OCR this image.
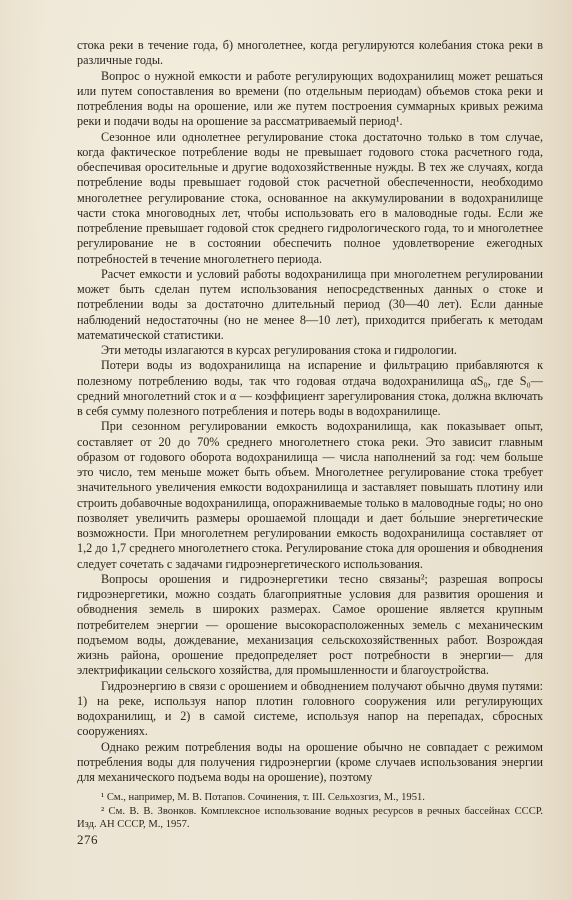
стока реки в течение года, б) многолетнее, когда регулируются колебания стока реки в различные годы.

Вопрос о нужной емкости и работе регулирующих водохранилищ может решаться или путем сопоставления во времени (по отдельным периодам) объемов стока реки и потребления воды на орошение, или же путем построения суммарных кривых режима реки и подачи воды на орошение за рассматриваемый период¹.

Сезонное или однолетнее регулирование стока достаточно только в том случае, когда фактическое потребление воды не превышает годового стока расчетного года, обеспечивая оросительные и другие водохозяйственные нужды. В тех же случаях, когда потребление воды превышает годовой сток расчетной обеспеченности, необходимо многолетнее регулирование стока, основанное на аккумулировании в водохранилище части стока многоводных лет, чтобы использовать его в маловодные годы. Если же потребление превышает годовой сток среднего гидрологического года, то и многолетнее регулирование не в состоянии обеспечить полное удовлетворение ежегодных потребностей в течение многолетнего периода.

Расчет емкости и условий работы водохранилища при многолетнем регулировании может быть сделан путем использования непосредственных данных о стоке и потреблении воды за достаточно длительный период (30—40 лет). Если данные наблюдений недостаточны (но не менее 8—10 лет), приходится прибегать к методам математической статистики.

Эти методы излагаются в курсах регулирования стока и гидрологии.

Потери воды из водохранилища на испарение и фильтрацию прибавляются к полезному потреблению воды, так что годовая отдача водохранилища αS₀, где S₀—средний многолетний сток и α — коэффициент зарегулирования стока, должна включать в себя сумму полезного потребления и потерь воды в водохранилище.

При сезонном регулировании емкость водохранилища, как показывает опыт, составляет от 20 до 70% среднего многолетнего стока реки. Это зависит главным образом от годового оборота водохранилища — числа наполнений за год: чем больше это число, тем меньше может быть объем. Многолетнее регулирование стока требует значительного увеличения емкости водохранилища и заставляет повышать плотину или строить добавочные водохранилища, опоражниваемые только в маловодные годы; но оно позволяет увеличить размеры орошаемой площади и дает бо́льшие энергетические возможности. При многолетнем регулировании емкость водохранилища составляет от 1,2 до 1,7 среднего многолетнего стока. Регулирование стока для орошения и обводнения следует сочетать с задачами гидроэнергетического использования.

Вопросы орошения и гидроэнергетики тесно связаны²; разрешая вопросы гидроэнергетики, можно создать благоприятные условия для развития орошения и обводнения земель в широких размерах. Самое орошение является крупным потребителем энергии — орошение высокорасположенных земель с механическим подъемом воды, дождевание, механизация сельскохозяйственных работ. Возрождая жизнь района, орошение предопределяет рост потребности в энергии— для электрификации сельского хозяйства, для промышленности и благоустройства.

Гидроэнергию в связи с орошением и обводнением получают обычно двумя путями: 1) на реке, используя напор плотин головного сооружения или регулирующих водохранилищ, и 2) в самой системе, используя напор на перепадах, сбросных сооружениях.

Однако режим потребления воды на орошение обычно не совпадает с режимом потребления воды для получения гидроэнергии (кроме случаев использования энергии для механического подъема воды на орошение), поэтому

¹ См., например, М. В. Потапов. Сочинения, т. III. Сельхозгиз, М., 1951.

² См. В. В. Звонков. Комплексное использование водных ресурсов в речных бассейнах СССР. Изд. АН СССР, М., 1957.

276
